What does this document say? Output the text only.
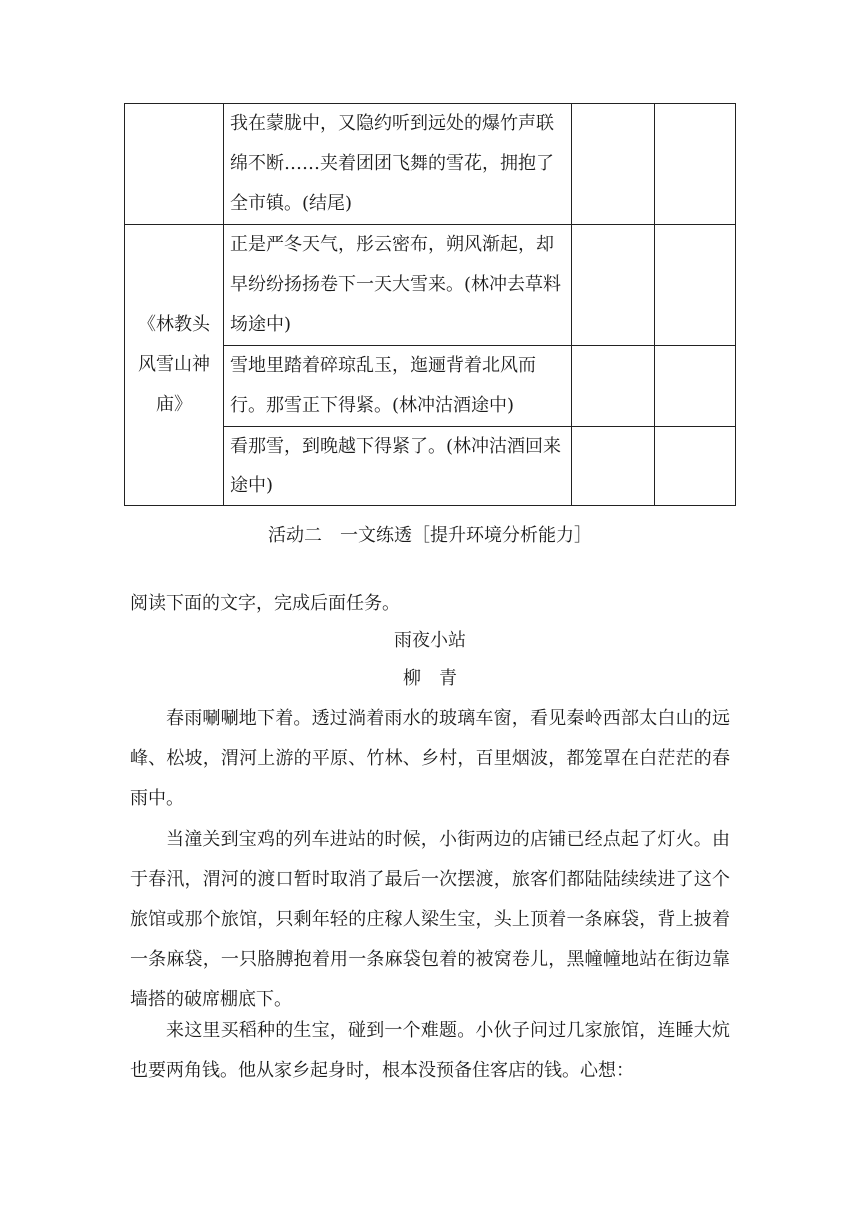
	我在蒙胧中，又隐约听到远处的爆竹声联绵不断……夹着团团飞舞的雪花，拥抱了全市镇。(结尾)		
《林教头风雪山神庙》	正是严冬天气，彤云密布，朔风渐起，却早纷纷扬扬卷下一天大雪来。(林冲去草料场途中)		
	雪地里踏着碎琼乱玉，迤逦背着北风而行。那雪正下得紧。(林冲沽酒途中)		
	看那雪，到晚越下得紧了。(林冲沽酒回来途中)		
活动二　一文练透［提升环境分析能力］
阅读下面的文字，完成后面任务。
雨夜小站
柳　青
春雨唰唰地下着。透过淌着雨水的玻璃车窗，看见秦岭西部太白山的远峰、松坡，渭河上游的平原、竹林、乡村，百里烟波，都笼罩在白茫茫的春雨中。
当潼关到宝鸡的列车进站的时候，小街两边的店铺已经点起了灯火。由于春汛，渭河的渡口暂时取消了最后一次摆渡，旅客们都陆陆续续进了这个旅馆或那个旅馆，只剩年轻的庄稼人梁生宝，头上顶着一条麻袋，背上披着一条麻袋，一只胳膊抱着用一条麻袋包着的被窝卷儿，黑幢幢地站在街边靠墙搭的破席棚底下。
来这里买稻种的生宝，碰到一个难题。小伙子问过几家旅馆，连睡大炕也要两角钱。他从家乡起身时，根本没预备住客店的钱。心想：
